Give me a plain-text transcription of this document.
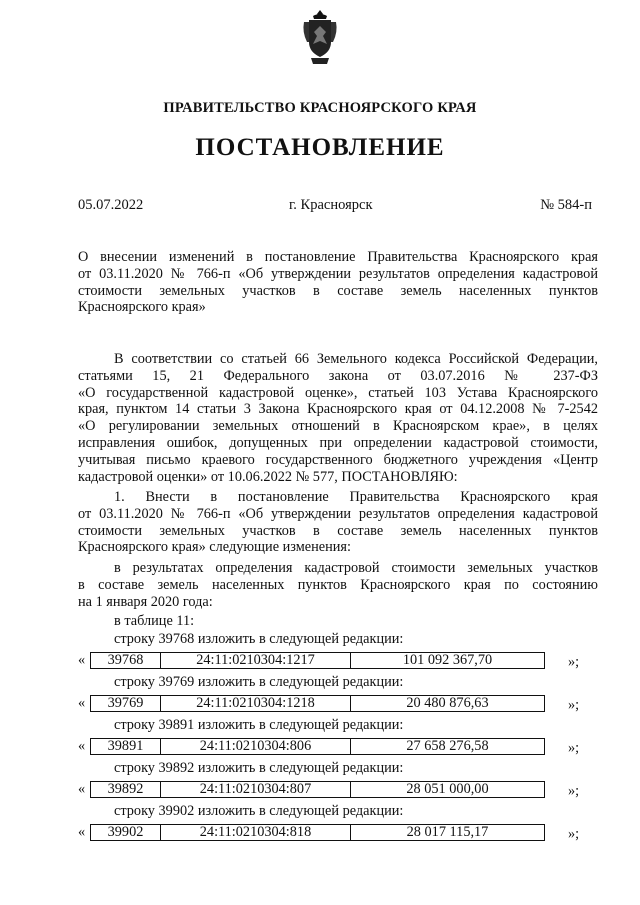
ПРАВИТЕЛЬСТВО КРАСНОЯРСКОГО КРАЯ
ПОСТАНОВЛЕНИЕ
05.07.2022	г. Красноярск	№ 584-п
О внесении изменений в постановление Правительства Красноярского края
от 03.11.2020 № 766-п «Об утверждении результатов определения кадастровой
стоимости земельных участков в составе земель населенных пунктов
Красноярского края»
В соответствии со статьей 66 Земельного кодекса Российской Федерации,
статьями 15, 21 Федерального закона от 03.07.2016 № 237-ФЗ
«О государственной кадастровой оценке», статьей 103 Устава Красноярского
края, пунктом 14 статьи 3 Закона Красноярского края от 04.12.2008 № 7-2542
«О регулировании земельных отношений в Красноярском крае», в целях
исправления ошибок, допущенных при определении кадастровой стоимости,
учитывая письмо краевого государственного бюджетного учреждения «Центр
кадастровой оценки» от 10.06.2022 № 577, ПОСТАНОВЛЯЮ:
1. Внести в постановление Правительства Красноярского края
от 03.11.2020 № 766-п «Об утверждении результатов определения кадастровой
стоимости земельных участков в составе земель населенных пунктов
Красноярского края» следующие изменения:
в результатах определения кадастровой стоимости земельных участков
в составе земель населенных пунктов Красноярского края по состоянию
на 1 января 2020 года:
в таблице 11:
строку 39768 изложить в следующей редакции:
«	39768	24:11:0210304:1217	101 092 367,70	»;
строку 39769 изложить в следующей редакции:
«	39769	24:11:0210304:1218	20 480 876,63	»;
строку 39891 изложить в следующей редакции:
«	39891	24:11:0210304:806	27 658 276,58	»;
строку 39892 изложить в следующей редакции:
«	39892	24:11:0210304:807	28 051 000,00	»;
строку 39902 изложить в следующей редакции:
«	39902	24:11:0210304:818	28 017 115,17	»;
